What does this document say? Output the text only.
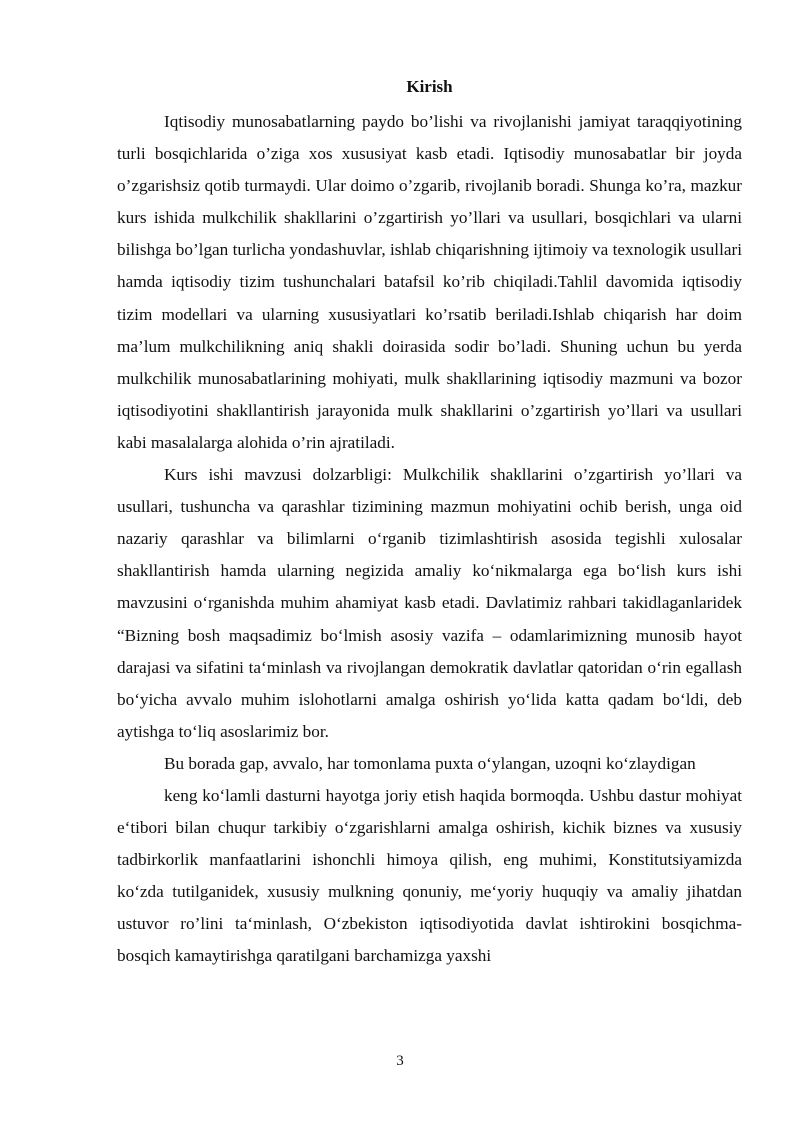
Kirish

Iqtisodiy munosabatlarning paydo bo’lishi va rivojlanishi jamiyat taraqqiyotining turli bosqichlarida o’ziga xos xususiyat kasb etadi. Iqtisodiy munosabatlar bir joyda o’zgarishsiz qotib turmaydi. Ular doimo o’zgarib, rivojlanib boradi. Shunga ko’ra, mazkur kurs ishida mulkchilik shakllarini o’zgartirish yo’llari va usullari, bosqichlari va ularni bilishga bo’lgan turlicha yondashuvlar, ishlab chiqarishning ijtimoiy va texnologik usullari hamda iqtisodiy tizim tushunchalari batafsil ko’rib chiqiladi.Tahlil davomida iqtisodiy tizim modellari va ularning xususiyatlari ko’rsatib beriladi.Ishlab chiqarish har doim ma’lum mulkchilikning aniq shakli doirasida sodir bo’ladi. Shuning uchun bu yerda mulkchilik munosabatlarining mohiyati, mulk shakllarining iqtisodiy mazmuni va bozor iqtisodiyotini shakllantirish jarayonida mulk shakllarini o’zgartirish yo’llari va usullari kabi masalalarga alohida o’rin ajratiladi.

Kurs ishi mavzusi dolzarbligi: Mulkchilik shakllarini o’zgartirish yo’llari va usullari, tushuncha va qarashlar tizimining mazmun mohiyatini ochib berish, unga oid nazariy qarashlar va bilimlarni o‘rganib tizimlashtirish asosida tegishli xulosalar shakllantirish hamda ularning negizida amaliy ko‘nikmalarga ega bo‘lish kurs ishi mavzusini o‘rganishda muhim ahamiyat kasb etadi. Davlatimiz rahbari takidlaganlaridek “Bizning bosh maqsadimiz bo‘lmish asosiy vazifa – odamlarimizning munosib hayot darajasi va sifatini ta‘minlash va rivojlangan demokratik davlatlar qatoridan o‘rin egallash bo‘yicha avvalo muhim islohotlarni amalga oshirish yo‘lida katta qadam bo‘ldi, deb aytishga to‘liq asoslarimiz bor.

Bu borada gap, avvalo, har tomonlama puxta o‘ylangan, uzoqni ko‘zlaydigan

keng ko‘lamli dasturni hayotga joriy etish haqida bormoqda. Ushbu dastur mohiyat e‘tibori bilan chuqur tarkibiy o‘zgarishlarni amalga oshirish, kichik biznes va xususiy tadbirkorlik manfaatlarini ishonchli himoya qilish, eng muhimi, Konstitutsiyamizda ko‘zda tutilganidek, xususiy mulkning qonuniy, me‘yoriy huquqiy va amaliy jihatdan ustuvor ro’lini ta‘minlash, O‘zbekiston iqtisodiyotida davlat ishtirokini bosqichma-bosqich kamaytirishga qaratilgani barchamizga yaxshi

3
